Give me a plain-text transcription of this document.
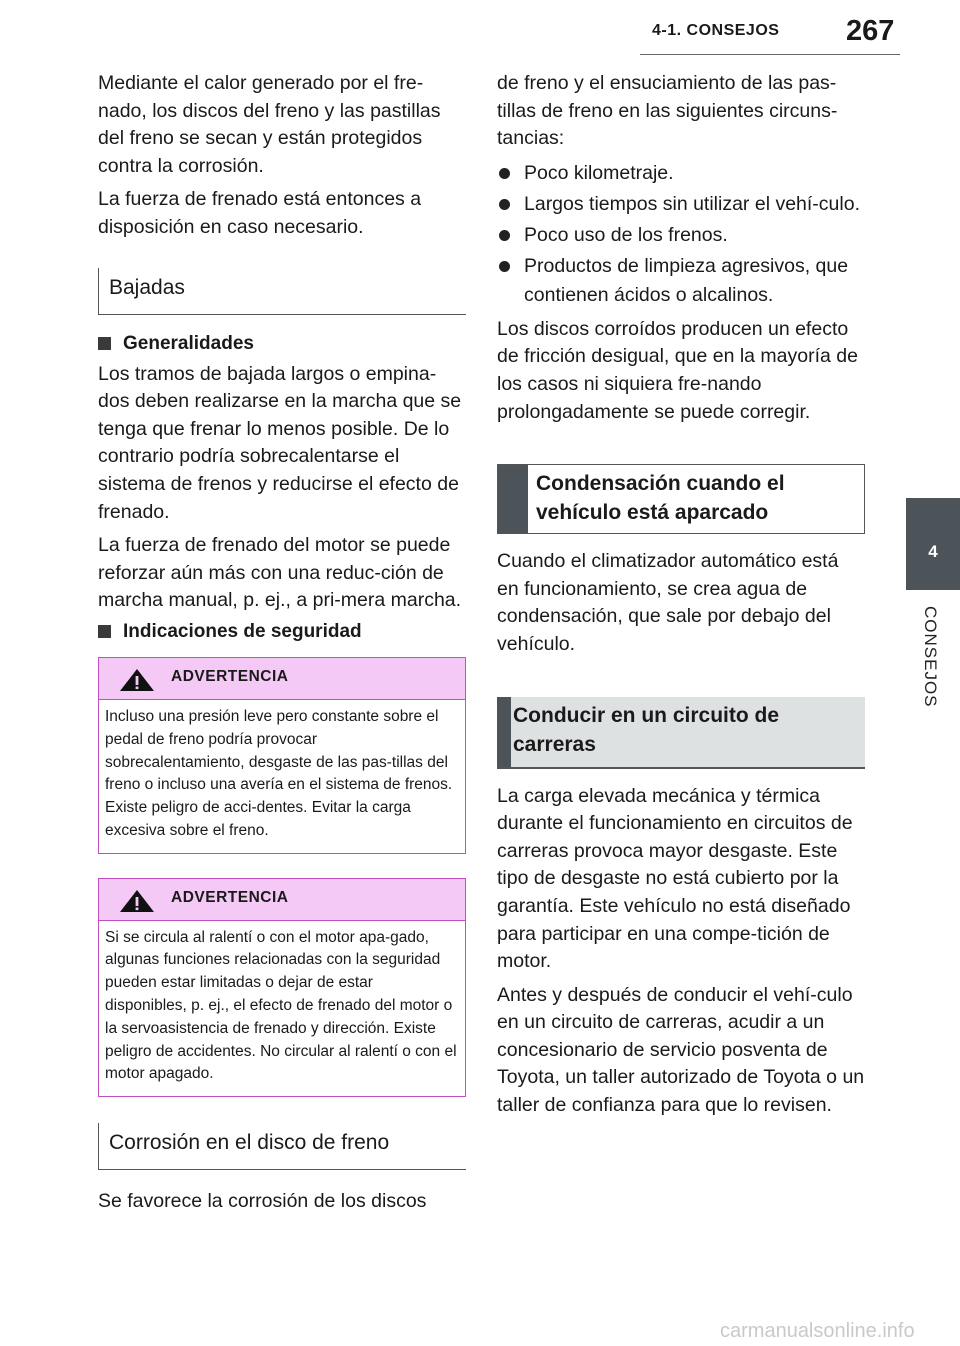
4-1. CONSEJOS 267
4
CONSEJOS

Mediante el calor generado por el fre-nado, los discos del freno y las pastillas del freno se secan y están protegidos contra la corrosión.

La fuerza de frenado está entonces a disposición en caso necesario.

Bajadas
Generalidades

Los tramos de bajada largos o empina-dos deben realizarse en la marcha que se tenga que frenar lo menos posible. De lo contrario podría sobrecalentarse el sistema de frenos y reducirse el efecto de frenado.

La fuerza de frenado del motor se puede reforzar aún más con una reduc-ción de marcha manual, p. ej., a pri-mera marcha.

Indicaciones de seguridad
ADVERTENCIA
Incluso una presión leve pero constante sobre el pedal de freno podría provocar sobrecalentamiento, desgaste de las pas-tillas del freno o incluso una avería en el sistema de frenos. Existe peligro de acci-dentes. Evitar la carga excesiva sobre el freno.
ADVERTENCIA
Si se circula al ralentí o con el motor apa-gado, algunas funciones relacionadas con la seguridad pueden estar limitadas o dejar de estar disponibles, p. ej., el efecto de frenado del motor o la servoasistencia de frenado y dirección. Existe peligro de accidentes. No circular al ralentí o con el motor apagado.
Corrosión en el disco de freno

Se favorece la corrosión de los discos

de freno y el ensuciamiento de las pas-tillas de freno en las siguientes circuns-tancias:

Poco kilometraje.
Largos tiempos sin utilizar el vehí-culo.
Poco uso de los frenos.
Productos de limpieza agresivos, que contienen ácidos o alcalinos.

Los discos corroídos producen un efecto de fricción desigual, que en la mayoría de los casos ni siquiera fre-nando prolongadamente se puede corregir.

Condensación cuando el vehículo está aparcado

Cuando el climatizador automático está en funcionamiento, se crea agua de condensación, que sale por debajo del vehículo.

Conducir en un circuito de carreras

La carga elevada mecánica y térmica durante el funcionamiento en circuitos de carreras provoca mayor desgaste. Este tipo de desgaste no está cubierto por la garantía. Este vehículo no está diseñado para participar en una compe-tición de motor.

Antes y después de conducir el vehí-culo en un circuito de carreras, acudir a un concesionario de servicio posventa de Toyota, un taller autorizado de Toyota o un taller de confianza para que lo revisen.

carmanualsonline.info
